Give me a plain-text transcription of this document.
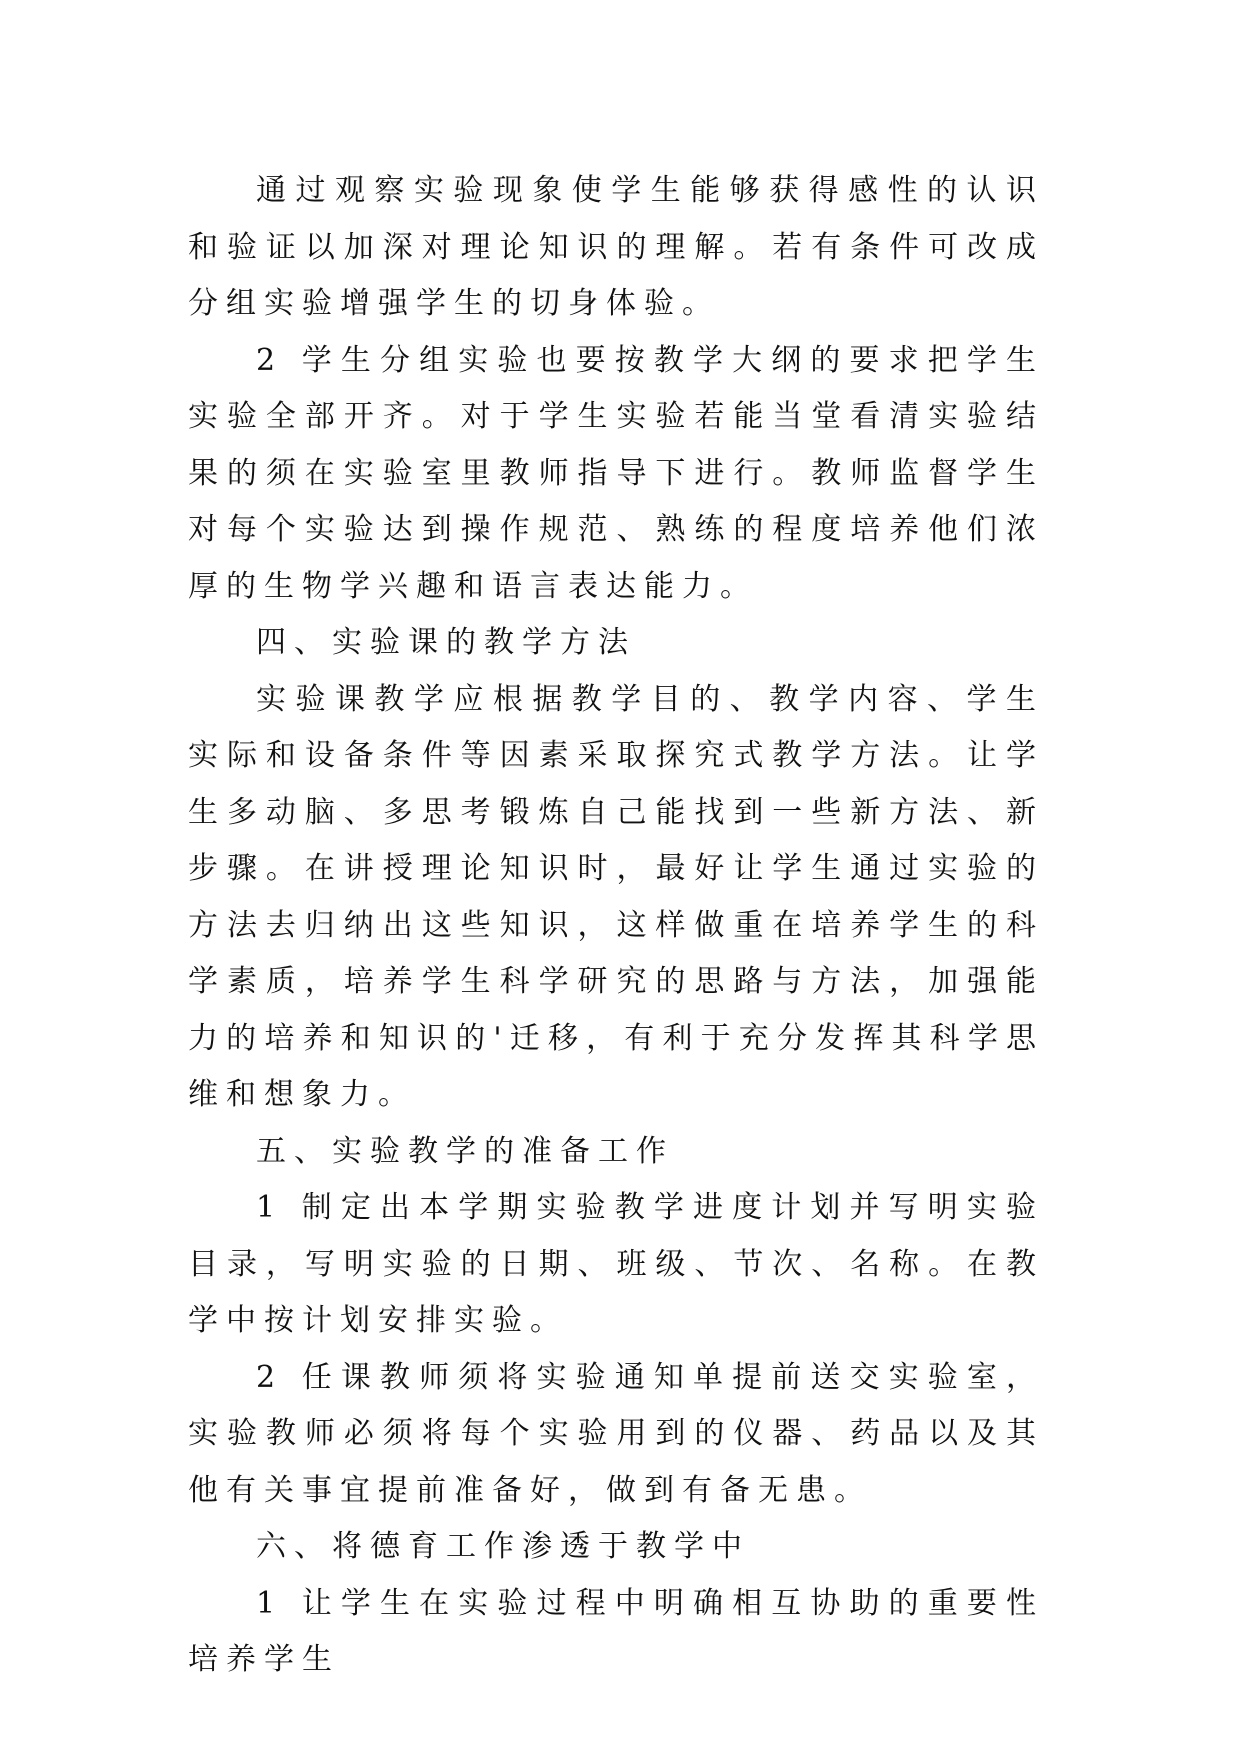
通过观察实验现象使学生能够获得感性的认识和验证以加深对理论知识的理解。若有条件可改成分组实验增强学生的切身体验。

2 学生分组实验也要按教学大纲的要求把学生实验全部开齐。对于学生实验若能当堂看清实验结果的须在实验室里教师指导下进行。教师监督学生对每个实验达到操作规范、熟练的程度培养他们浓厚的生物学兴趣和语言表达能力。

四、实验课的教学方法

实验课教学应根据教学目的、教学内容、学生实际和设备条件等因素采取探究式教学方法。让学生多动脑、多思考锻炼自己能找到一些新方法、新步骤。在讲授理论知识时，最好让学生通过实验的方法去归纳出这些知识，这样做重在培养学生的科学素质，培养学生科学研究的思路与方法，加强能力的培养和知识的'迁移，有利于充分发挥其科学思维和想象力。

五、实验教学的准备工作

1 制定出本学期实验教学进度计划并写明实验目录，写明实验的日期、班级、节次、名称。在教学中按计划安排实验。

2 任课教师须将实验通知单提前送交实验室，实验教师必须将每个实验用到的仪器、药品以及其他有关事宜提前准备好，做到有备无患。

六、将德育工作渗透于教学中

1 让学生在实验过程中明确相互协助的重要性培养学生
